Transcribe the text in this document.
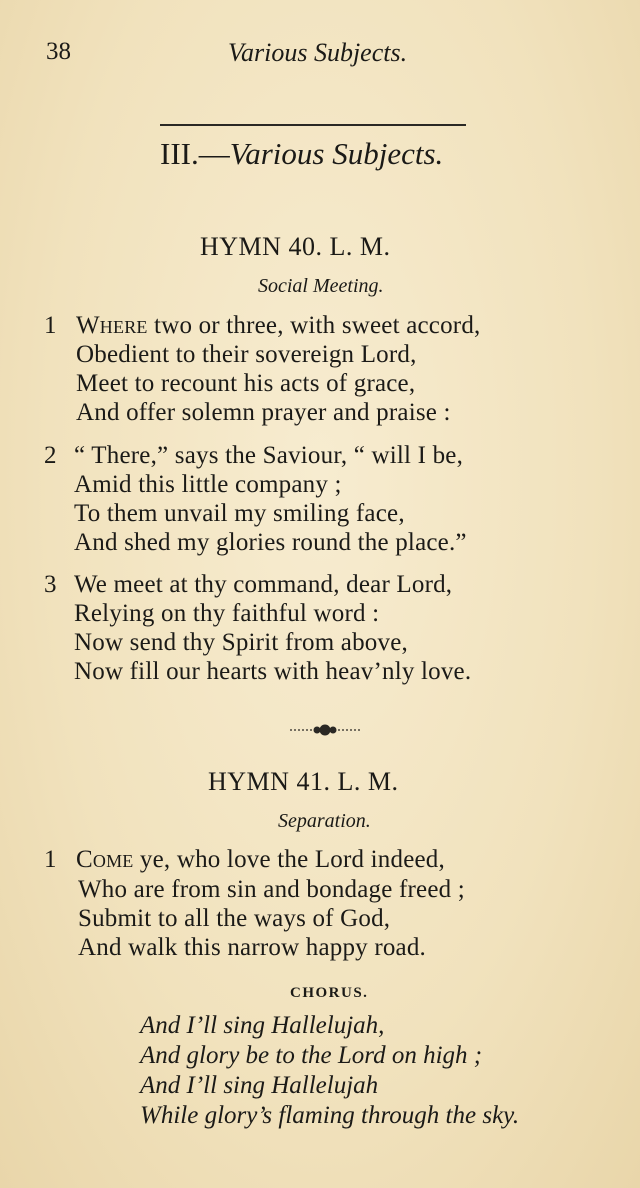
38	Various Subjects.
III.—Various Subjects.
HYMN 40. L. M.
Social Meeting.
1 Where two or three, with sweet accord,
Obedient to their sovereign Lord,
Meet to recount his acts of grace,
And offer solemn prayer and praise :
2 “ There,” says the Saviour, “ will I be,
Amid this little company ;
To them unvail my smiling face,
And shed my glories round the place.”
3 We meet at thy command, dear Lord,
Relying on thy faithful word :
Now send thy Spirit from above,
Now fill our hearts with heav’nly love.
HYMN 41. L. M.
Separation.
1 Come ye, who love the Lord indeed,
Who are from sin and bondage freed ;
Submit to all the ways of God,
And walk this narrow happy road.
CHORUS.
And I’ll sing Hallelujah,
And glory be to the Lord on high ;
And I’ll sing Hallelujah
While glory’s flaming through the sky.
